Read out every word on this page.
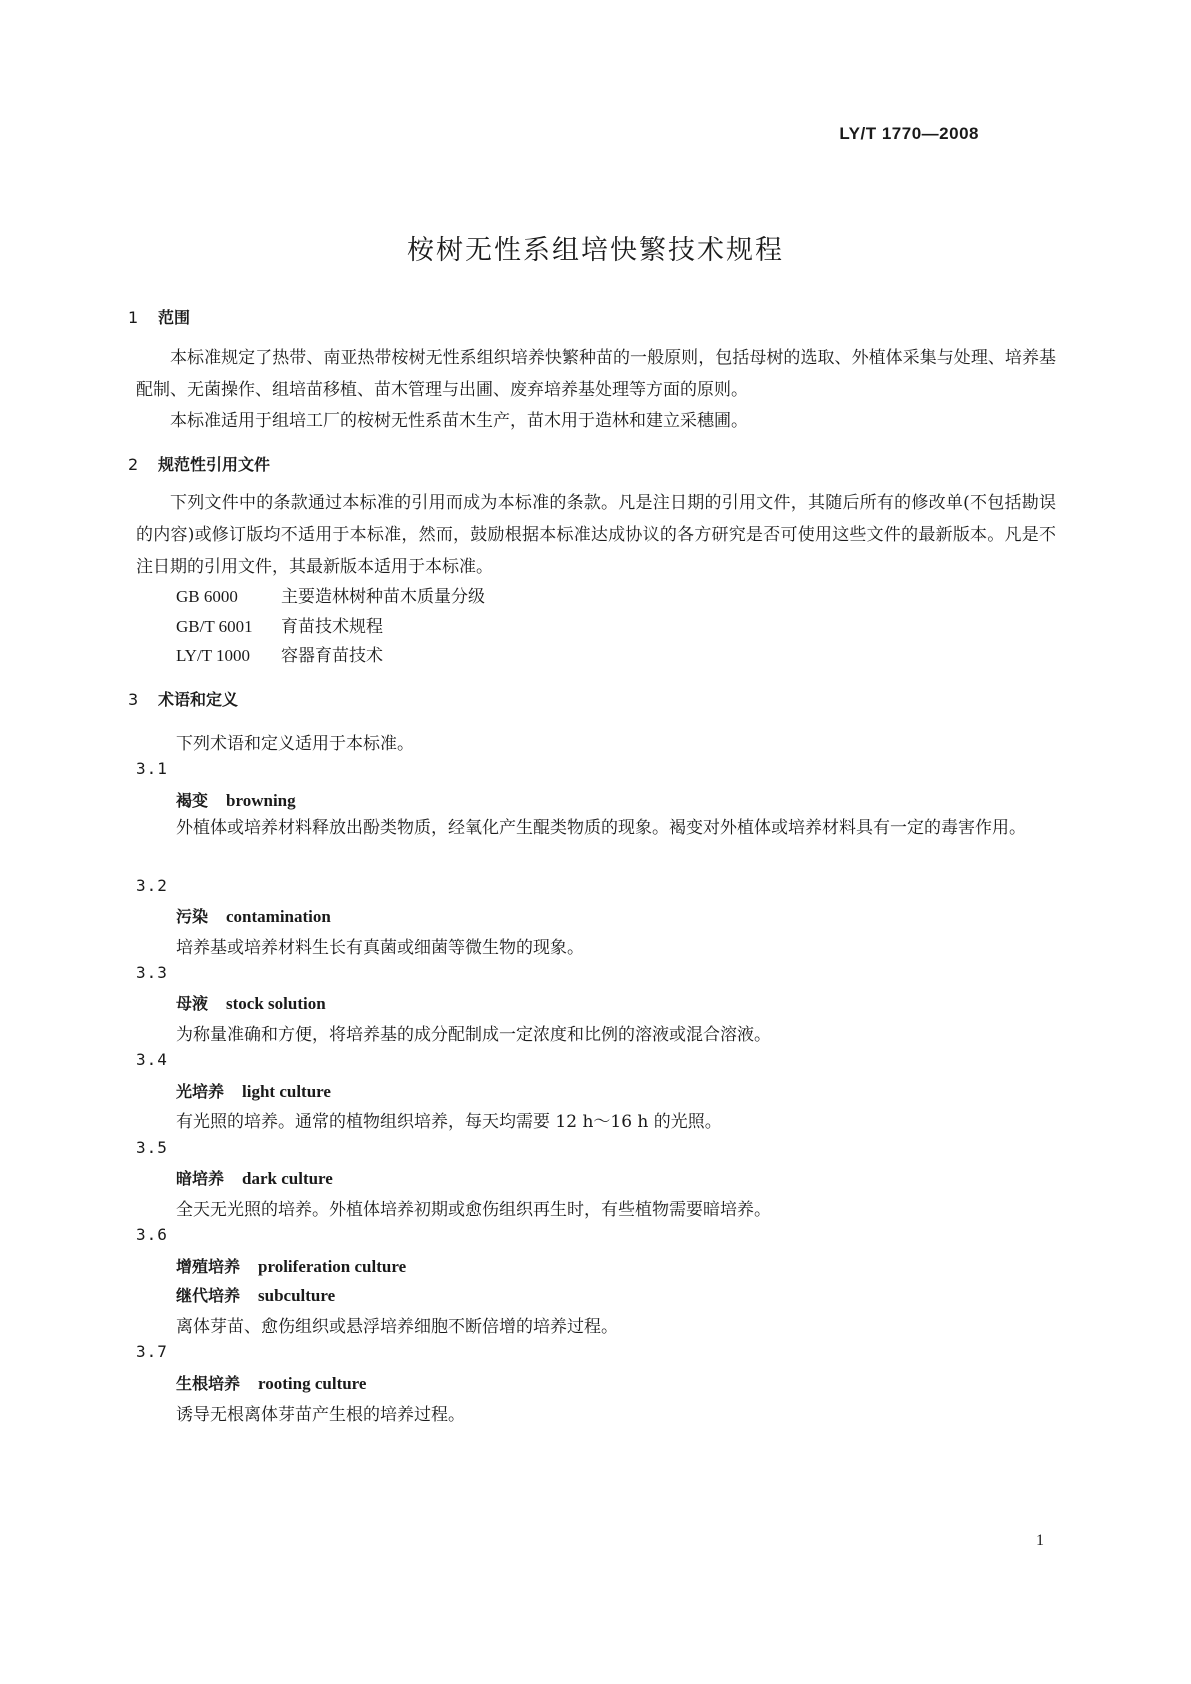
LY/T 1770—2008
桉树无性系组培快繁技术规程
1 范围
本标准规定了热带、南亚热带桉树无性系组织培养快繁种苗的一般原则，包括母树的选取、外植体采集与处理、培养基配制、无菌操作、组培苗移植、苗木管理与出圃、废弃培养基处理等方面的原则。
本标准适用于组培工厂的桉树无性系苗木生产，苗木用于造林和建立采穗圃。
2 规范性引用文件
下列文件中的条款通过本标准的引用而成为本标准的条款。凡是注日期的引用文件，其随后所有的修改单(不包括勘误的内容)或修订版均不适用于本标准，然而，鼓励根据本标准达成协议的各方研究是否可使用这些文件的最新版本。凡是不注日期的引用文件，其最新版本适用于本标准。
GB 6000	主要造林树种苗木质量分级
GB/T 6001 育苗技术规程
LY/T 1000 容器育苗技术
3 术语和定义
下列术语和定义适用于本标准。
3.1
褐变 browning
外植体或培养材料释放出酚类物质，经氧化产生醌类物质的现象。褐变对外植体或培养材料具有一定的毒害作用。
3.2
污染 contamination
培养基或培养材料生长有真菌或细菌等微生物的现象。
3.3
母液 stock solution
为称量准确和方便，将培养基的成分配制成一定浓度和比例的溶液或混合溶液。
3.4
光培养 light culture
有光照的培养。通常的植物组织培养，每天均需要 12 h～16 h 的光照。
3.5
暗培养 dark culture
全天无光照的培养。外植体培养初期或愈伤组织再生时，有些植物需要暗培养。
3.6
增殖培养 proliferation culture
继代培养 subculture
离体芽苗、愈伤组织或悬浮培养细胞不断倍增的培养过程。
3.7
生根培养 rooting culture
诱导无根离体芽苗产生根的培养过程。
1
